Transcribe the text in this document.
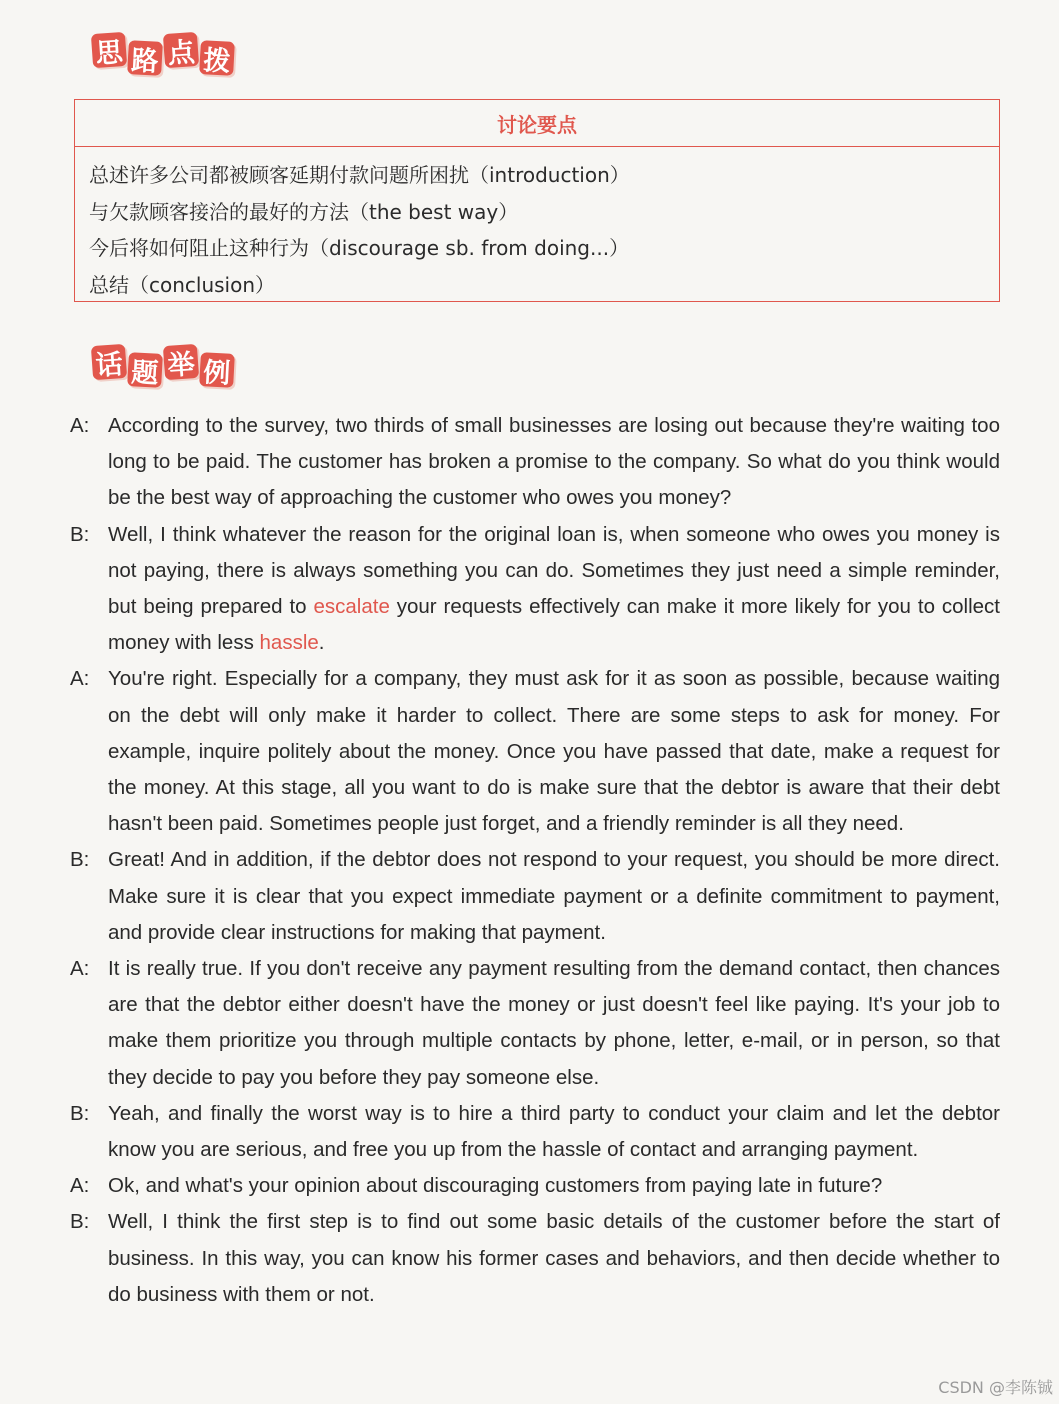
思 路 点 拨
讨论要点
总述许多公司都被顾客延期付款问题所困扰（introduction）
与欠款顾客接洽的最好的方法（the best way）
今后将如何阻止这种行为（discourage sb. from doing...）
总结（conclusion）
话 题 举 例
A: According to the survey, two thirds of small businesses are losing out because they're waiting too long to be paid. The customer has broken a promise to the company. So what do you think would be the best way of approaching the customer who owes you money?
B: Well, I think whatever the reason for the original loan is, when someone who owes you money is not paying, there is always something you can do. Sometimes they just need a simple reminder, but being prepared to escalate your requests effectively can make it more likely for you to collect money with less hassle.
A: You're right. Especially for a company, they must ask for it as soon as possible, because waiting on the debt will only make it harder to collect. There are some steps to ask for money. For example, inquire politely about the money. Once you have passed that date, make a request for the money. At this stage, all you want to do is make sure that the debtor is aware that their debt hasn't been paid. Sometimes people just forget, and a friendly reminder is all they need.
B: Great! And in addition, if the debtor does not respond to your request, you should be more direct. Make sure it is clear that you expect immediate payment or a definite commitment to payment, and provide clear instructions for making that payment.
A: It is really true. If you don't receive any payment resulting from the demand contact, then chances are that the debtor either doesn't have the money or just doesn't feel like paying. It's your job to make them prioritize you through multiple contacts by phone, letter, e-mail, or in person, so that they decide to pay you before they pay someone else.
B: Yeah, and finally the worst way is to hire a third party to conduct your claim and let the debtor know you are serious, and free you up from the hassle of contact and arranging payment.
A: Ok, and what's your opinion about discouraging customers from paying late in future?
B: Well, I think the first step is to find out some basic details of the customer before the start of business. In this way, you can know his former cases and behaviors, and then decide whether to do business with them or not.
CSDN @李陈铖
